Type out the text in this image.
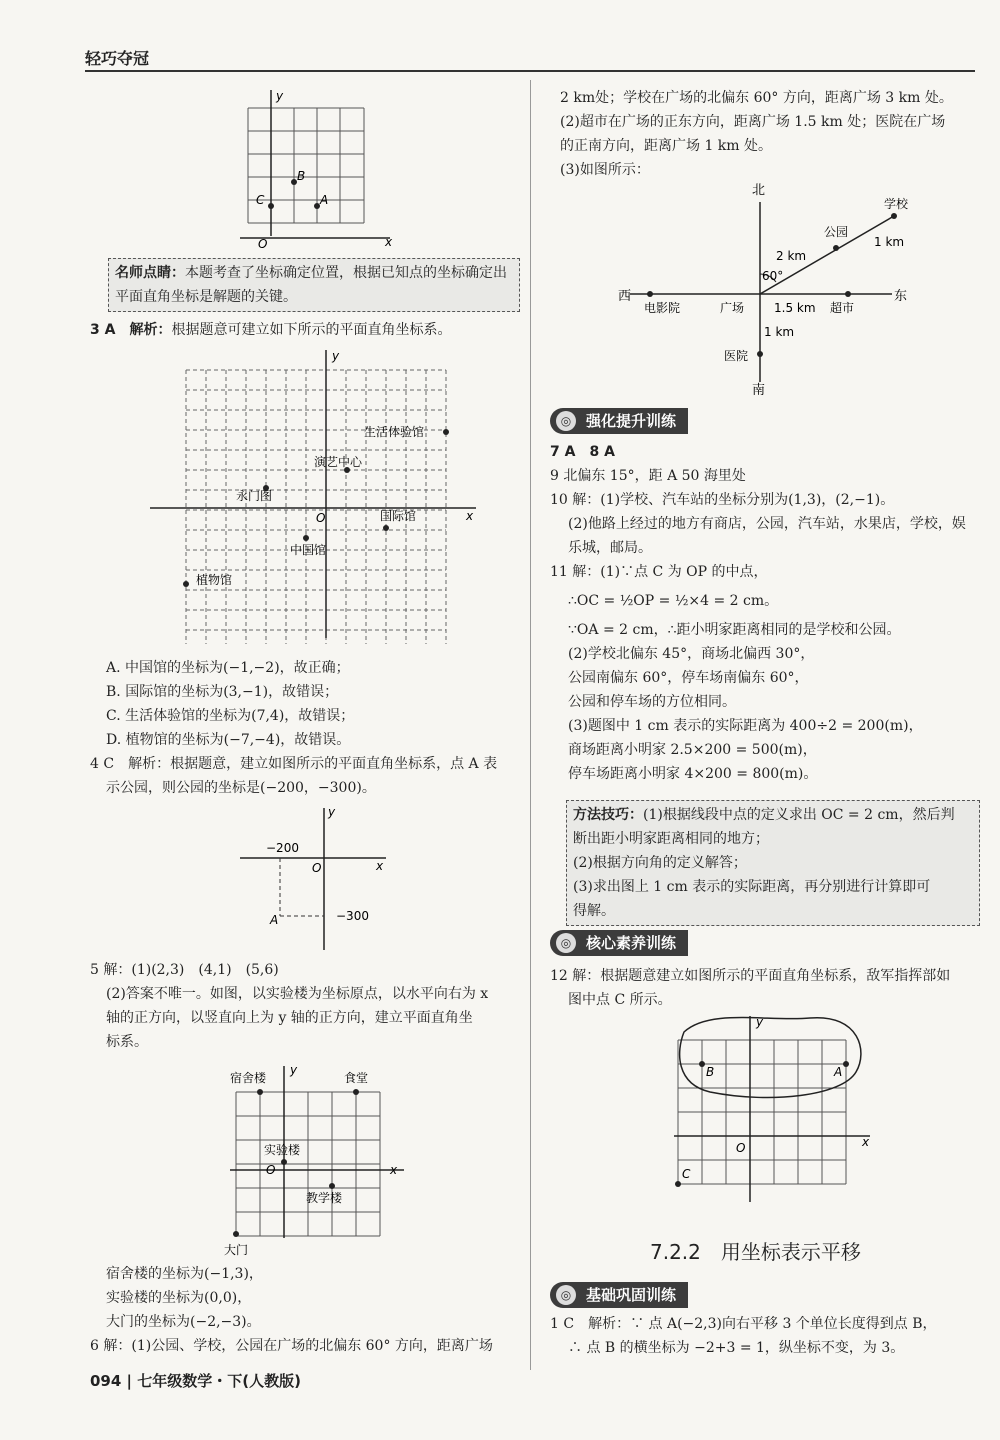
轻巧夺冠
y
x
O
B
C	A
名师点睛：本题考查了坐标确定位置，根据已知点的坐标确定出平面直角坐标是解题的关键。

3 A　解析：根据题意可建立如下所示的平面直角坐标系。

y
x
O
生活体验馆
演艺中心
永门图
国际馆
中国馆
植物馆

A. 中国馆的坐标为(−1,−2)，故正确；

B. 国际馆的坐标为(3,−1)，故错误；

C. 生活体验馆的坐标为(7,4)，故错误；

D. 植物馆的坐标为(−7,−4)，故错误。

4 C　解析：根据题意，建立如图所示的平面直角坐标系，点 A 表

示公园，则公园的坐标是(−200，−300)。

y
x
O
−200
−300
A

5 解：(1)(2,3)　(4,1)　(5,6)

(2)答案不唯一。如图，以实验楼为坐标原点，以水平向右为 x

轴的正方向，以竖直向上为 y 轴的正方向，建立平面直角坐

标系。

y
x
O
宿舍楼	食堂
实验楼
教学楼
大门

宿舍楼的坐标为(−1,3)，

实验楼的坐标为(0,0)，

大门的坐标为(−2,−3)。

6 解：(1)公园、学校，公园在广场的北偏东 60° 方向，距离广场

094 | 七年级数学・下(人教版)

2 km处；学校在广场的北偏东 60° 方向，距离广场 3 km 处。

(2)超市在广场的正东方向，距离广场 1.5 km 处；医院在广场

的正南方向，距离广场 1 km 处。

(3)如图所示：

北
南
西	东
学校
公园
2 km
1 km
60°
电影院	广场 1.5 km 超市
1 km
医院
◎ 强化提升训练

7 A　8 A

9 北偏东 15°，距 A 50 海里处

10 解：(1)学校、汽车站的坐标分别为(1,3)，(2,−1)。

(2)他路上经过的地方有商店，公园，汽车站，水果店，学校，娱

乐城，邮局。

11 解：(1)∵点 C 为 OP 的中点，

∴OC = ½OP = ½×4 = 2 cm。

∵OA = 2 cm，∴距小明家距离相同的是学校和公园。

(2)学校北偏东 45°，商场北偏西 30°，

公园南偏东 60°，停车场南偏东 60°，

公园和停车场的方位相同。

(3)题图中 1 cm 表示的实际距离为 400÷2 = 200(m)，

商场距离小明家 2.5×200 = 500(m)，

停车场距离小明家 4×200 = 800(m)。

方法技巧：(1)根据线段中点的定义求出 OC = 2 cm，然后判

断出距小明家距离相同的地方；

(2)根据方向角的定义解答；

(3)求出图上 1 cm 表示的实际距离，再分别进行计算即可

得解。

◎ 核心素养训练

12 解：根据题意建立如图所示的平面直角坐标系，敌军指挥部如

图中点 C 所示。

y
x
O
B	A
C
7.2.2　用坐标表示平移
◎ 基础巩固训练

1 C　解析：∵ 点 A(−2,3)向右平移 3 个单位长度得到点 B，

∴ 点 B 的横坐标为 −2+3 = 1，纵坐标不变，为 3。
